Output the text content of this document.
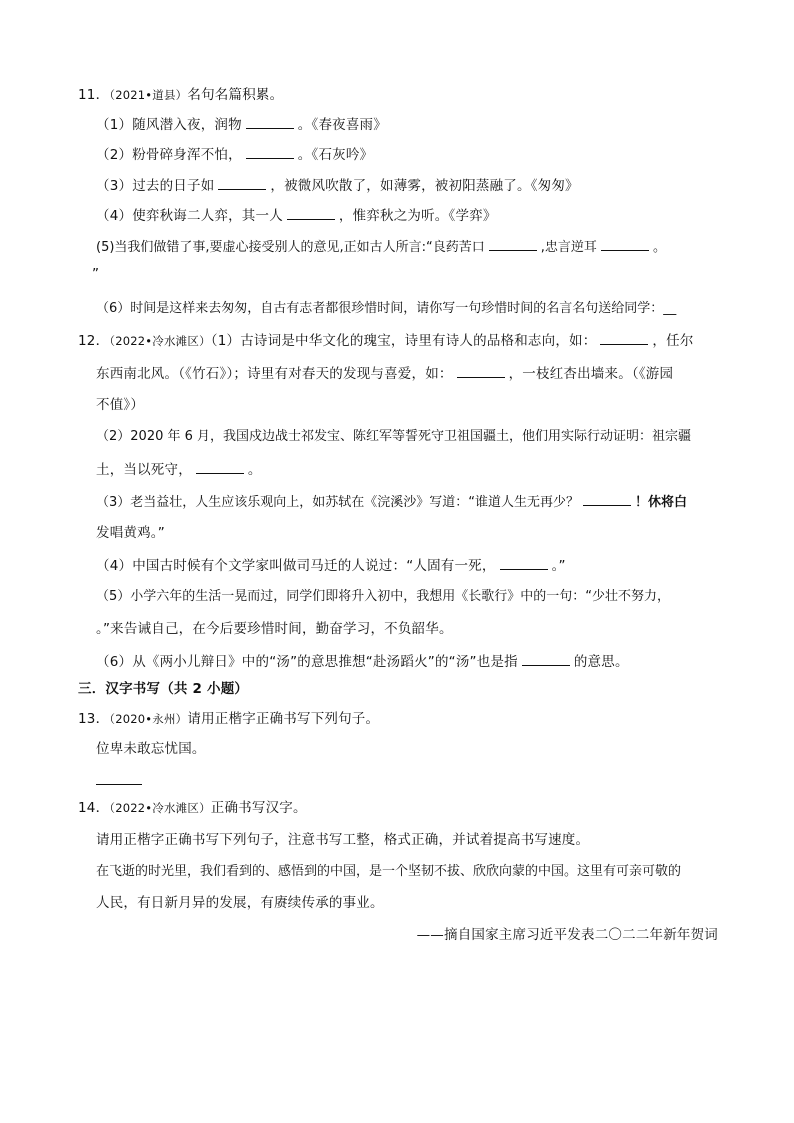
11．（2021•道县）名句名篇积累。
（1）随风潜入夜，润物	。《春夜喜雨》
（2）粉骨碎身浑不怕，	。《石灰吟》
（3）过去的日子如	，被微风吹散了，如薄雾，被初阳蒸融了。《匆匆》
（4）使弈秋诲二人弈，其一人	，惟弈秋之为听。《学弈》
(5)当我们做错了事,要虚心接受别人的意见,正如古人所言:“良药苦口	,忠言逆耳	。
”
（6）时间是这样来去匆匆，自古有志者都很珍惜时间，请你写一句珍惜时间的名言名句送给同学：__
12．（2022•冷水滩区）（1）古诗词是中华文化的瑰宝，诗里有诗人的品格和志向，如：	，任尔
东西南北风。（《竹石》）；诗里有对春天的发现与喜爱，如：	，一枝红杏出墙来。（《游园
不值》）
（2）2020 年 6 月，我国戍边战士祁发宝、陈红军等誓死守卫祖国疆土，他们用实际行动证明：祖宗疆
土，当以死守，	。
（3）老当益壮，人生应该乐观向上，如苏轼在《浣溪沙》写道：“谁道人生无再少？	！休将白
发唱黄鸡。”
（4）中国古时候有个文学家叫做司马迁的人说过：“人固有一死，	。”
（5）小学六年的生活一晃而过，同学们即将升入初中，我想用《长歌行》中的一句：“少壮不努力，
。”来告诫自己，在今后要珍惜时间，勤奋学习，不负韶华。
（6）从《两小儿辩日》中的“汤”的意思推想“赴汤蹈火”的“汤”也是指	的意思。
三．汉字书写（共 2 小题）
13．（2020•永州）请用正楷字正确书写下列句子。
位卑未敢忘忧国。
14．（2022•冷水滩区）正确书写汉字。
请用正楷字正确书写下列句子，注意书写工整，格式正确，并试着提高书写速度。
在飞逝的时光里，我们看到的、感悟到的中国，是一个坚韧不拔、欣欣向蒙的中国。这里有可亲可敬的
人民，有日新月异的发展，有赓续传承的事业。
——摘自国家主席习近平发表二〇二二年新年贺词
